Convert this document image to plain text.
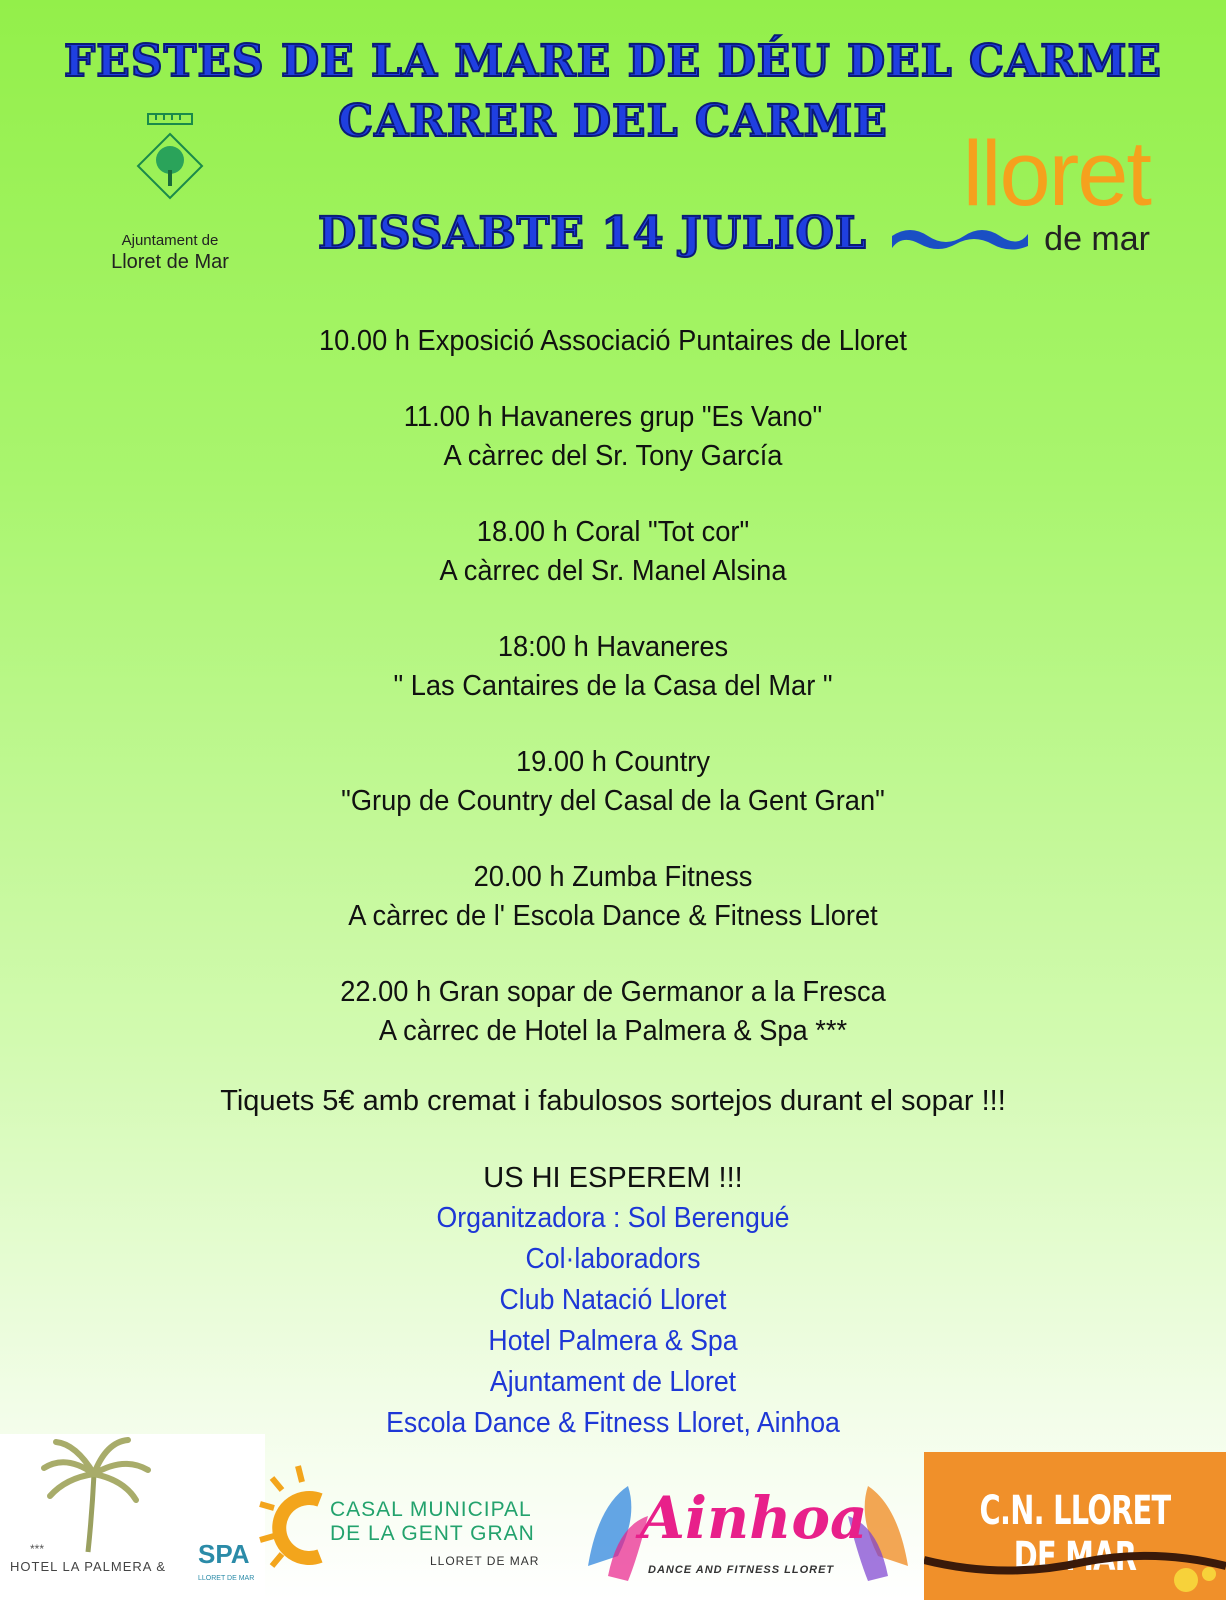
FESTES DE LA MARE DE DÉU DEL CARME
CARRER DEL CARME
Ajuntament de
Lloret de Mar
DISSABTE 14 JULIOL
lloret
de mar
10.00 h Exposició Associació Puntaires de Lloret
11.00 h Havaneres grup "Es Vano"
A càrrec del Sr. Tony García
18.00 h Coral "Tot cor"
A càrrec del Sr. Manel Alsina
18:00 h Havaneres
" Las Cantaires de la Casa del Mar "
19.00 h Country
"Grup de Country del Casal de la Gent Gran"
20.00 h Zumba Fitness
A càrrec de l' Escola Dance & Fitness Lloret
22.00 h Gran sopar de Germanor a la Fresca
A càrrec de Hotel la Palmera & Spa ***
Tiquets 5€ amb cremat i fabulosos sortejos durant el sopar !!!
US HI ESPEREM !!!
Organitzadora : Sol Berengué
Col·laboradors
Club Natació Lloret
Hotel Palmera & Spa
Ajuntament de Lloret
Escola Dance & Fitness Lloret, Ainhoa
***
HOTEL LA PALMERA & SPA
LLORET DE MAR
CASAL MUNICIPAL
DE LA GENT GRAN
LLORET DE MAR
Ainhoa
DANCE AND FITNESS LLORET
C.N. LLORET DE MAR
